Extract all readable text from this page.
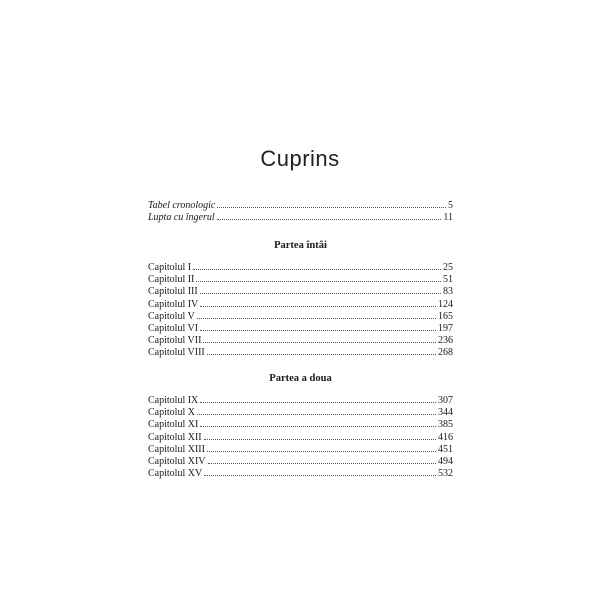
Cuprins
Tabel cronologic	5
Lupta cu îngerul	11
Partea întâi
Capitolul I	25
Capitolul II	51
Capitolul III	83
Capitolul IV	124
Capitolul V	165
Capitolul VI	197
Capitolul VII	236
Capitolul VIII	268
Partea a doua
Capitolul IX	307
Capitolul X	344
Capitolul XI	385
Capitolul XII	416
Capitolul XIII	451
Capitolul XIV	494
Capitolul XV	532
